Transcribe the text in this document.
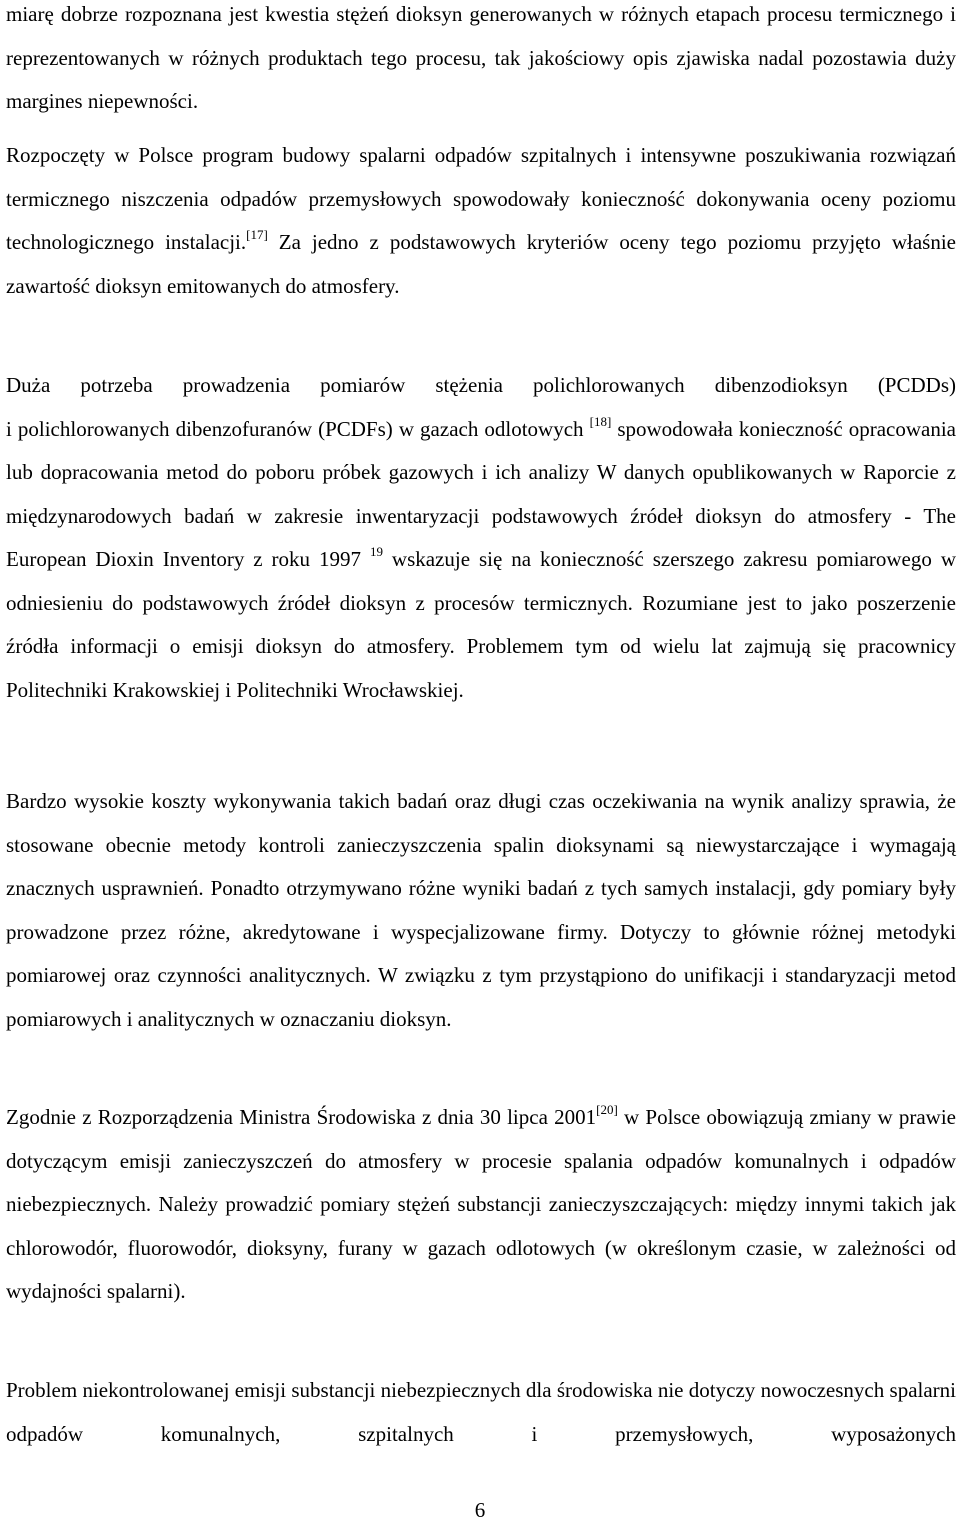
miarę dobrze rozpoznana jest kwestia stężeń dioksyn generowanych w różnych etapach procesu termicznego i reprezentowanych w różnych produktach tego procesu, tak jakościowy opis zjawiska nadal pozostawia duży margines niepewności.

Rozpoczęty w Polsce program budowy spalarni odpadów szpitalnych i intensywne poszukiwania rozwiązań termicznego niszczenia odpadów przemysłowych spowodowały konieczność dokonywania oceny poziomu technologicznego instalacji.[17] Za jedno z podstawowych kryteriów oceny tego poziomu przyjęto właśnie zawartość dioksyn emitowanych do atmosfery.

Duża potrzeba prowadzenia pomiarów stężenia polichlorowanych dibenzodioksyn (PCDDs)
i polichlorowanych dibenzofuranów (PCDFs) w gazach odlotowych [18] spowodowała konieczność opracowania lub dopracowania metod do poboru próbek gazowych i ich analizy W danych opublikowanych w Raporcie z międzynarodowych badań w zakresie inwentaryzacji podstawowych źródeł dioksyn do atmosfery - The European Dioxin Inventory z roku 1997 $^{19}$ wskazuje się na konieczność szerszego zakresu pomiarowego w odniesieniu do podstawowych źródeł dioksyn z procesów termicznych. Rozumiane jest to jako poszerzenie źródła informacji o emisji dioksyn do atmosfery. Problemem tym od wielu lat zajmują się pracownicy Politechniki Krakowskiej i Politechniki Wrocławskiej.

Bardzo wysokie koszty wykonywania takich badań oraz długi czas oczekiwania na wynik analizy sprawia, że stosowane obecnie metody kontroli zanieczyszczenia spalin dioksynami są niewystarczające i wymagają znacznych usprawnień. Ponadto otrzymywano różne wyniki badań z tych samych instalacji, gdy pomiary były prowadzone przez różne, akredytowane i wyspecjalizowane firmy. Dotyczy to głównie różnej metodyki pomiarowej oraz czynności analitycznych. W związku z tym przystąpiono do unifikacji i standaryzacji metod pomiarowych i analitycznych w oznaczaniu dioksyn.

Zgodnie z Rozporządzenia Ministra Środowiska z dnia 30 lipca 2001[20] w Polsce obowiązują zmiany w prawie dotyczącym emisji zanieczyszczeń do atmosfery w procesie spalania odpadów komunalnych i odpadów niebezpiecznych. Należy prowadzić pomiary stężeń substancji zanieczyszczających: między innymi takich jak chlorowodór, fluorowodór, dioksyny, furany w gazach odlotowych (w określonym czasie, w zależności od wydajności spalarni).

Problem niekontrolowanej emisji substancji niebezpiecznych dla środowiska nie dotyczy nowoczesnych spalarni odpadów komunalnych, szpitalnych i przemysłowych, wyposażonych

6
